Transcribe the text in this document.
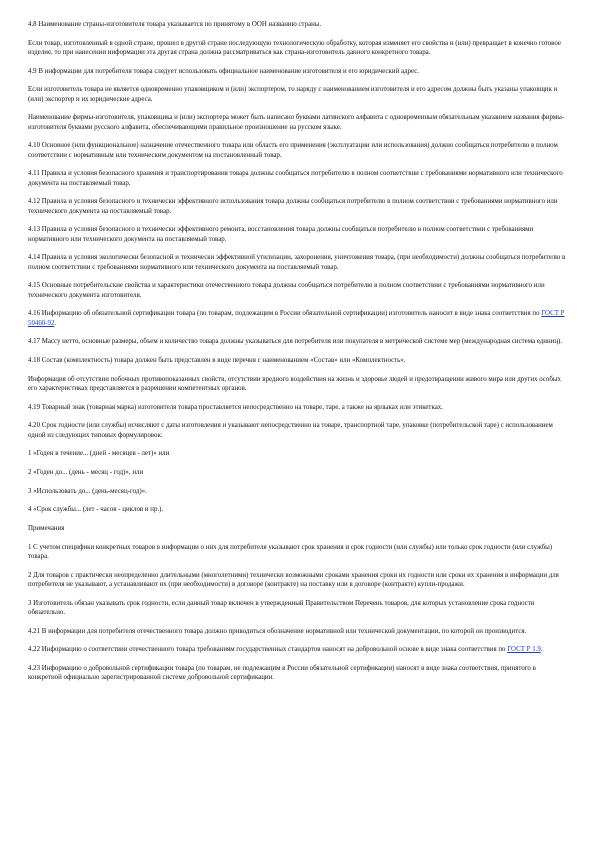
4.8 Наименование страны-изготовителя товара указывается по принятому в ООН названию страны.

Если товар, изготовленный в одной стране, прошел в другой стране последующую технологическую обработку, которая изменяет его свойства и (или) превращает в конечно готовое изделие, то при нанесении информации эта другая страна должна рассматриваться как страна-изготовитель данного конкретного товара.

4.9 В информации для потребителя товара следует использовать официальное наименование изготовителя и его юридический адрес.

Если изготовитель товара не является одновременно упаковщиком и (или) экспортером, то наряду с наименованием изготовителя и его адресом должны быть указаны упаковщик и (или) экспортер и их юридические адреса.

Наименование фирмы-изготовителя, упаковщика и (или) экспортера может быть написано буквами латинского алфавита с одновременным обязательным указанием названия фирмы-изготовителя буквами русского алфавита, обеспечивающими правильное произношение на русском языке.

4.10 Основное (или функциональное) назначение отечественного товара или область его применения (эксплуатации или использования) должно сообщаться потребителю в полном соответствии с нормативным или техническим документом на постановленный товар.

4.11 Правила и условия безопасного хранения и транспортирования товара должны сообщаться потребителю в полном соответствии с требованиями нормативного или технического документа на поставляемый товар.

4.12 Правила и условия безопасного и технически эффективного использования товара должны сообщаться потребителю в полном соответствии с требованиями нормативного или технического документа на поставляемый товар.

4.13 Правила и условия безопасного и технически эффективного ремонта, восстановления товара должны сообщаться потребителю в полном соответствии с требованиями нормативного или технического документа на поставляемый товар.

4.14 Правила и условия экологически безопасной и технически эффективной утилизации, захоронения, уничтожения товара, (при необходимости) должны сообщаться потребителю в полном соответствии с требованиями нормативного или технического документа на поставляемый товар.

4.15 Основные потребительские свойства и характеристики отечественного товара должны сообщаться потребителю в полном соответствии с требованиями нормативного или технического документа изготовителя.

4.16 Информацию об обязательной сертификации товара (по товарам, подлежащим в России обязательной сертификации) изготовитель наносит в виде знака соответствия по ГОСТ Р 50460-92.

4.17 Массу нетто, основные размеры, объем и количество товара должны указываться для потребителя или покупателя в метрической системе мер (международная система единиц).

4.18 Состав (комплектность) товара должен быть представлен в виде перечня с наименованием «Состав» или «Комплектность».

Информация об отсутствии побочных противопоказанных свойств, отсутствии вредного воздействия на жизнь и здоровье людей и предотвращении живого мира или других особых его характеристиках представляется в разрешении компетентных органов.

4.19 Товарный знак (товарная марка) изготовителя товара проставляется непосредственно на товаре, таре, а также на ярлыках или этикетках.

4.20 Срок годности (или службы) исчисляют с даты изготовления и указывают непосредственно на товаре, транспортной таре, упаковке (потребительской таре) с использованием одной из следующих типовых формулировок:

1 «Годен в течение... (дней - месяцев - лет)» или

2 «Годен до... (день - месяц - год)», или

3 «Использовать до... (день-месяц-год)».

4 «Срок службы... (лет - часов - циклов и пр.).

Примечания

1 С учетом специфики конкретных товаров в информации о них для потребителя указывают срок хранения и срок годности (или службы) или только срок годности (или службы) товара.

2 Для товаров с практически неопределенно длительными (многолетними) технически возможными сроками хранения сроки их годности или сроки их хранения в информации для потребителя не указывают, а устанавливают их (при необходимости) в договоре (контракте) на поставку или в договоре (контракте) купли-продажи.

3 Изготовитель обязан указывать срок годности, если данный товар включен в утвержденный Правительством Перечень товаров, для которых установление срока годности обязательно.

4.21 В информации для потребителя отечественного товара должно приводиться обозначение нормативной или технической документации, по которой он производится.

4.22 Информацию о соответствии отечественного товара требованиям государственных стандартов наносят на добровольной основе в виде знака соответствия по ГОСТ Р 1.9.

4.23 Информацию о добровольной сертификации товара (по товарам, не подлежащим в России обязательной сертификации) наносят в виде знака соответствия, принятого в конкретной официально зарегистрированной системе добровольной сертификации.
